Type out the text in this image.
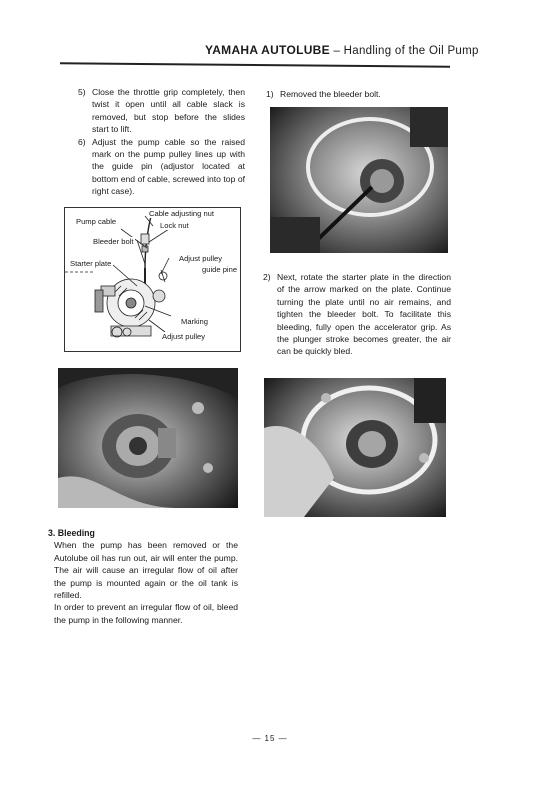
YAMAHA AUTOLUBE – Handling of the Oil Pump
5) Close the throttle grip completely, then twist it open until all cable slack is removed, but stop before the slides start to lift.
6) Adjust the pump cable so the raised mark on the pump pulley lines up with the guide pin (adjustor located at bottom end of cable, screwed into top of right case).
Pump cable
Cable adjusting nut
Lock nut
Bleeder bolt
Starter plate
Adjust pulley
guide pine
Marking
Adjust pulley
1) Removed the bleeder bolt.
2) Next, rotate the starter plate in the direction of the arrow marked on the plate. Continue turning the plate until no air remains, and tighten the bleeder bolt. To facilitate this bleeding, fully open the accelerator grip. As the plunger stroke becomes greater, the air can be quickly bled.

3. Bleeding

When the pump has been removed or the Autolube oil has run out, air will enter the pump. The air will cause an irregular flow of oil after the pump is mounted again or the oil tank is refilled.

In order to prevent an irregular flow of oil, bleed the pump in the following manner.

— 15 —
